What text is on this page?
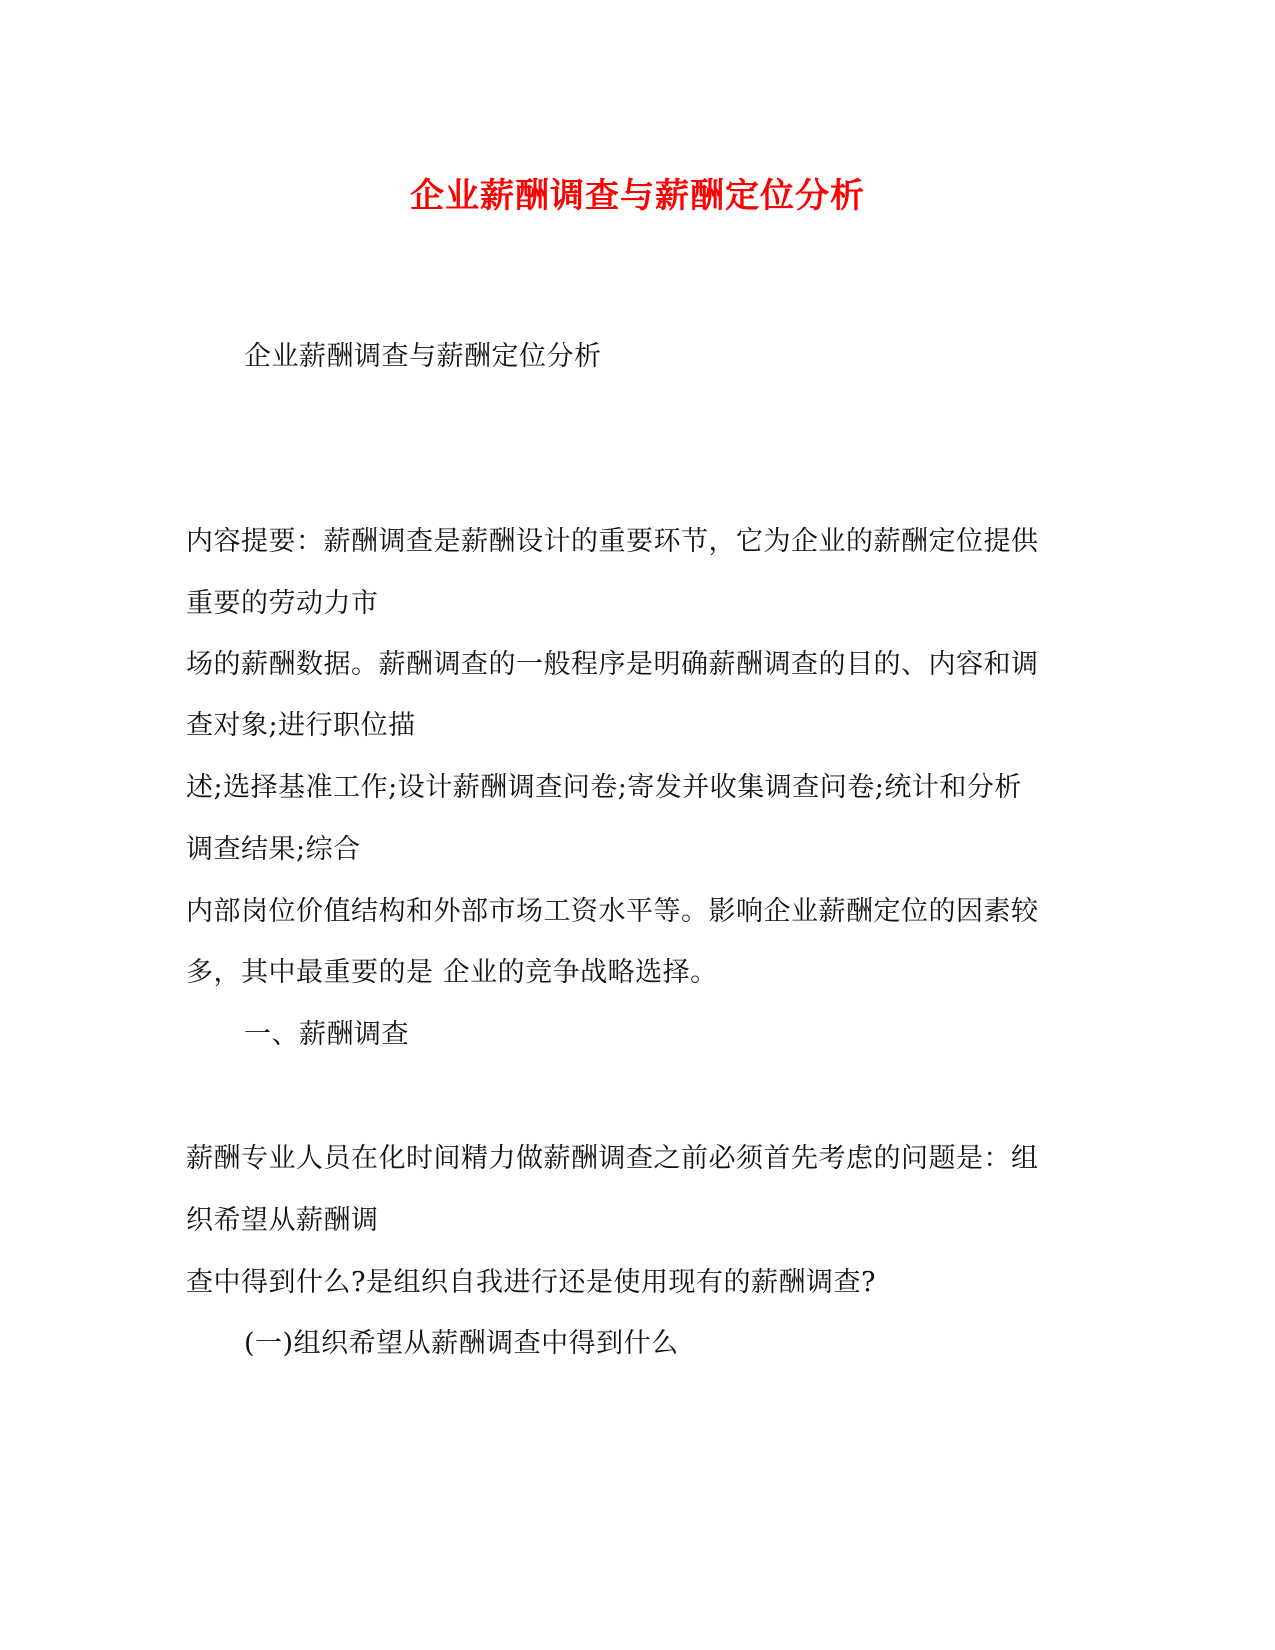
企业薪酬调查与薪酬定位分析
企业薪酬调查与薪酬定位分析
内容提要：薪酬调查是薪酬设计的重要环节，它为企业的薪酬定位提供
重要的劳动力市
场的薪酬数据。薪酬调查的一般程序是明确薪酬调查的目的、内容和调
查对象;进行职位描
述;选择基准工作;设计薪酬调查问卷;寄发并收集调查问卷;统计和分析
调查结果;综合
内部岗位价值结构和外部市场工资水平等。影响企业薪酬定位的因素较
多，其中最重要的是 企业的竞争战略选择。
一、薪酬调查
薪酬专业人员在化时间精力做薪酬调查之前必须首先考虑的问题是：组
织希望从薪酬调
查中得到什么?是组织自我进行还是使用现有的薪酬调查?
(一)组织希望从薪酬调查中得到什么
